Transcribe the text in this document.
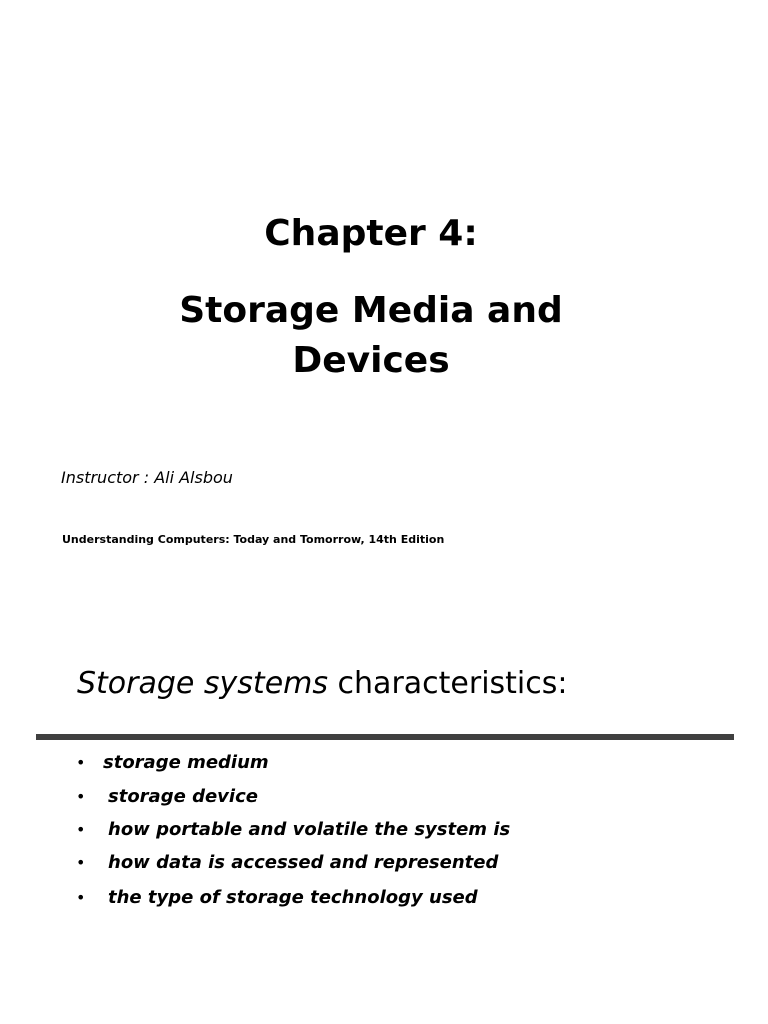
Chapter 4:
Storage Media and
Devices
Instructor : Ali Alsbou
Understanding Computers: Today and Tomorrow, 14th Edition
Storage systems characteristics:
• storage medium
• storage device
• how portable and volatile the system is
• how data is accessed and represented
• the type of storage technology used
